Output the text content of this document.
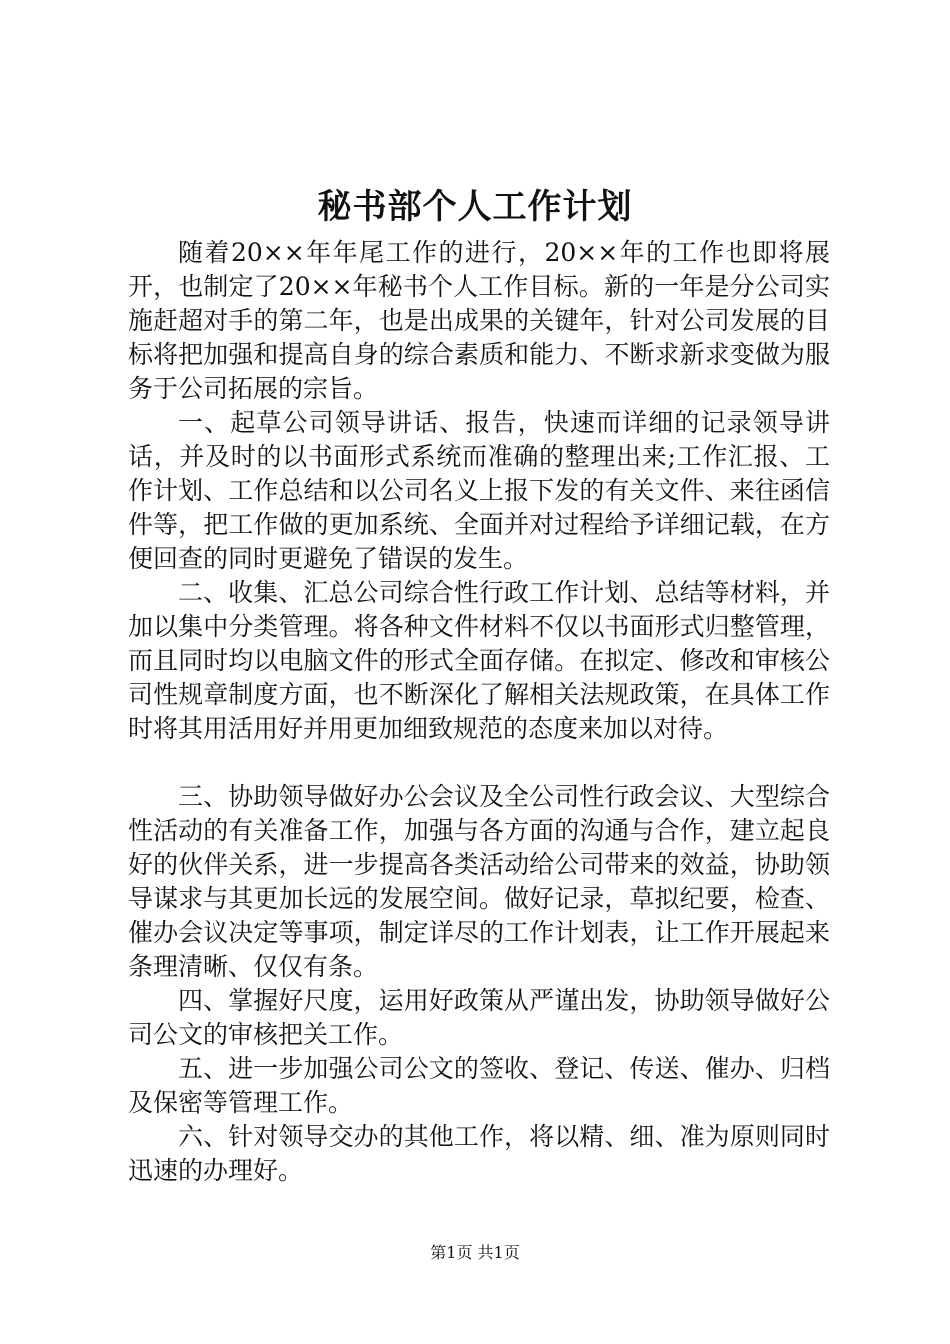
秘书部个人工作计划

随着20××年年尾工作的进行，20××年的工作也即将展开，也制定了20××年秘书个人工作目标。新的一年是分公司实施赶超对手的第二年，也是出成果的关键年，针对公司发展的目标将把加强和提高自身的综合素质和能力、不断求新求变做为服务于公司拓展的宗旨。

一、起草公司领导讲话、报告，快速而详细的记录领导讲话，并及时的以书面形式系统而准确的整理出来;工作汇报、工作计划、工作总结和以公司名义上报下发的有关文件、来往函信件等，把工作做的更加系统、全面并对过程给予详细记载，在方便回查的同时更避免了错误的发生。

二、收集、汇总公司综合性行政工作计划、总结等材料，并加以集中分类管理。将各种文件材料不仅以书面形式归整管理，而且同时均以电脑文件的形式全面存储。在拟定、修改和审核公司性规章制度方面，也不断深化了解相关法规政策，在具体工作时将其用活用好并用更加细致规范的态度来加以对待。

三、协助领导做好办公会议及全公司性行政会议、大型综合性活动的有关准备工作，加强与各方面的沟通与合作，建立起良好的伙伴关系，进一步提高各类活动给公司带来的效益，协助领导谋求与其更加长远的发展空间。做好记录，草拟纪要，检查、催办会议决定等事项，制定详尽的工作计划表，让工作开展起来条理清晰、仅仅有条。

四、掌握好尺度，运用好政策从严谨出发，协助领导做好公司公文的审核把关工作。

五、进一步加强公司公文的签收、登记、传送、催办、归档及保密等管理工作。

六、针对领导交办的其他工作，将以精、细、准为原则同时迅速的办理好。

第1页 共1页
